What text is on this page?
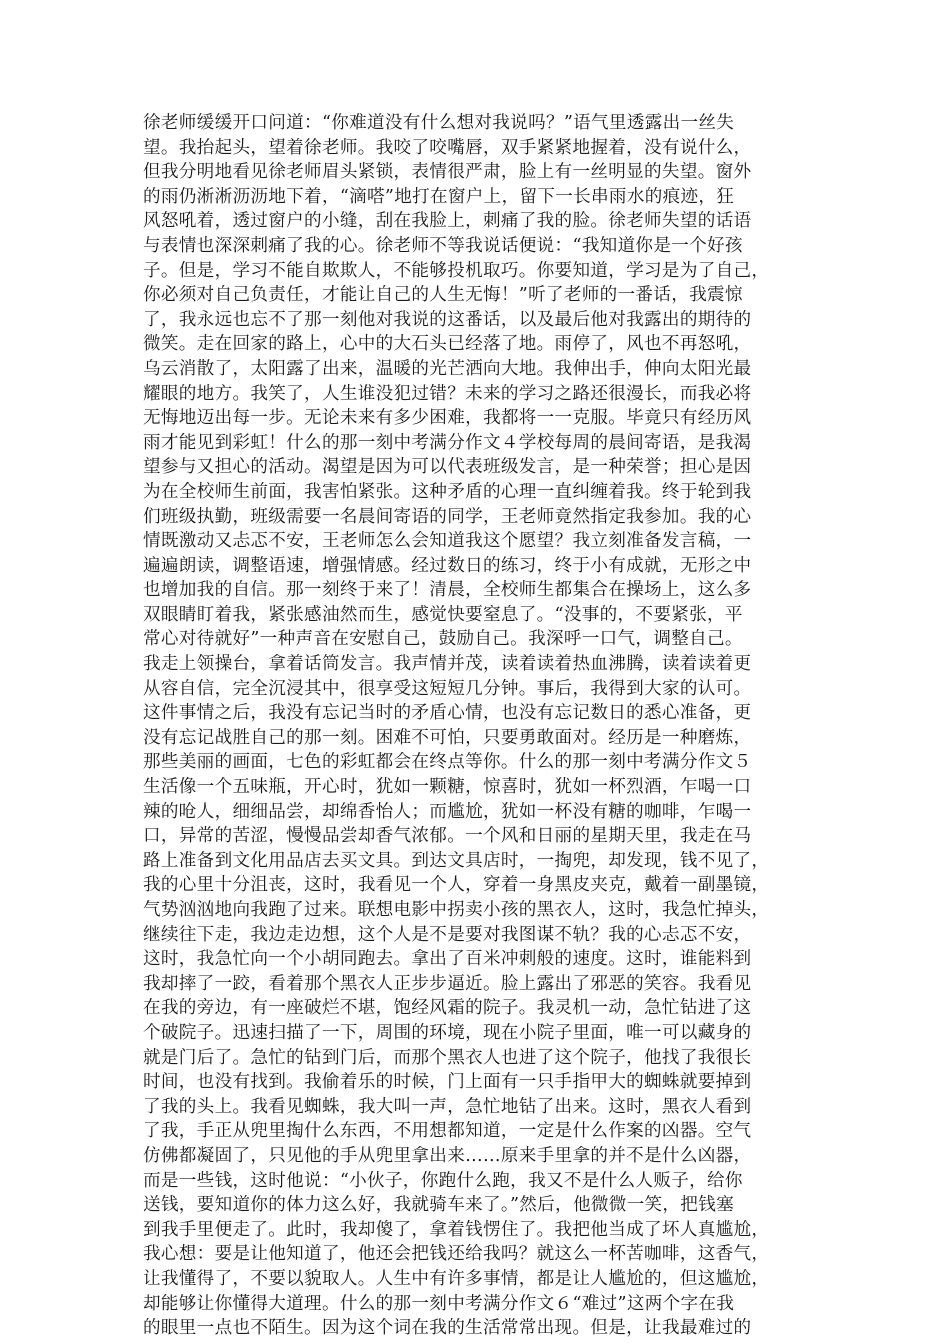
徐老师缓缓开口问道：“你难道没有什么想对我说吗？”语气里透露出一丝失
望。我抬起头，望着徐老师。我咬了咬嘴唇，双手紧紧地握着，没有说什么，
但我分明地看见徐老师眉头紧锁，表情很严肃，脸上有一丝明显的失望。窗外
的雨仍淅淅沥沥地下着，“滴嗒”地打在窗户上，留下一长串雨水的痕迹，狂
风怒吼着，透过窗户的小缝，刮在我脸上，刺痛了我的脸。徐老师失望的话语
与表情也深深刺痛了我的心。徐老师不等我说话便说：“我知道你是一个好孩
子。但是，学习不能自欺欺人，不能够投机取巧。你要知道，学习是为了自己，
你必须对自己负责任，才能让自己的人生无悔！”听了老师的一番话，我震惊
了，我永远也忘不了那一刻他对我说的这番话，以及最后他对我露出的期待的
微笑。走在回家的路上，心中的大石头已经落了地。雨停了，风也不再怒吼，
乌云消散了，太阳露了出来，温暖的光芒洒向大地。我伸出手，伸向太阳光最
耀眼的地方。我笑了，人生谁没犯过错？未来的学习之路还很漫长，而我必将
无悔地迈出每一步。无论未来有多少困难，我都将一一克服。毕竟只有经历风
雨才能见到彩虹！什么的那一刻中考满分作文４学校每周的晨间寄语，是我渴
望参与又担心的活动。渴望是因为可以代表班级发言，是一种荣誉；担心是因
为在全校师生前面，我害怕紧张。这种矛盾的心理一直纠缠着我。终于轮到我
们班级执勤，班级需要一名晨间寄语的同学，王老师竟然指定我参加。我的心
情既激动又忐忑不安，王老师怎么会知道我这个愿望？我立刻准备发言稿，一
遍遍朗读，调整语速，增强情感。经过数日的练习，终于小有成就，无形之中
也增加我的自信。那一刻终于来了！清晨，全校师生都集合在操场上，这么多
双眼睛盯着我，紧张感油然而生，感觉快要窒息了。“没事的，不要紧张，平
常心对待就好”一种声音在安慰自己，鼓励自己。我深呼一口气，调整自己。
我走上领操台，拿着话筒发言。我声情并茂，读着读着热血沸腾，读着读着更
从容自信，完全沉浸其中，很享受这短短几分钟。事后，我得到大家的认可。
这件事情之后，我没有忘记当时的矛盾心情，也没有忘记数日的悉心准备，更
没有忘记战胜自己的那一刻。困难不可怕，只要勇敢面对。经历是一种磨炼，
那些美丽的画面，七色的彩虹都会在终点等你。什么的那一刻中考满分作文５
生活像一个五味瓶，开心时，犹如一颗糖，惊喜时，犹如一杯烈酒，乍喝一口
辣的呛人，细细品尝，却绵香怡人；而尴尬，犹如一杯没有糖的咖啡，乍喝一
口，异常的苦涩，慢慢品尝却香气浓郁。一个风和日丽的星期天里，我走在马
路上准备到文化用品店去买文具。到达文具店时，一掏兜，却发现，钱不见了，
我的心里十分沮丧，这时，我看见一个人，穿着一身黑皮夹克，戴着一副墨镜，
气势汹汹地向我跑了过来。联想电影中拐卖小孩的黑衣人，这时，我急忙掉头，
继续往下走，我边走边想，这个人是不是要对我图谋不轨？我的心忐忑不安，
这时，我急忙向一个小胡同跑去。拿出了百米冲刺般的速度。这时，谁能料到
我却摔了一跤，看着那个黑衣人正步步逼近。脸上露出了邪恶的笑容。我看见
在我的旁边，有一座破烂不堪，饱经风霜的院子。我灵机一动，急忙钻进了这
个破院子。迅速扫描了一下，周围的环境，现在小院子里面，唯一可以藏身的
就是门后了。急忙的钻到门后，而那个黑衣人也进了这个院子，他找了我很长
时间，也没有找到。我偷着乐的时候，门上面有一只手指甲大的蜘蛛就要掉到
了我的头上。我看见蜘蛛，我大叫一声，急忙地钻了出来。这时，黑衣人看到
了我，手正从兜里掏什么东西，不用想都知道，一定是什么作案的凶器。空气
仿佛都凝固了，只见他的手从兜里拿出来……原来手里拿的并不是什么凶器，
而是一些钱，这时他说：“小伙子，你跑什么跑，我又不是什么人贩子，给你
送钱，要知道你的体力这么好，我就骑车来了。”然后，他微微一笑，把钱塞
到我手里便走了。此时，我却傻了，拿着钱愣住了。我把他当成了坏人真尴尬，
我心想：要是让他知道了，他还会把钱还给我吗？就这么一杯苦咖啡，这香气，
让我懂得了，不要以貌取人。人生中有许多事情，都是让人尴尬的，但这尴尬，
却能够让你懂得大道理。什么的那一刻中考满分作文６“难过”这两个字在我
的眼里一点也不陌生。因为这个词在我的生活常常出现。但是，让我最难过的
